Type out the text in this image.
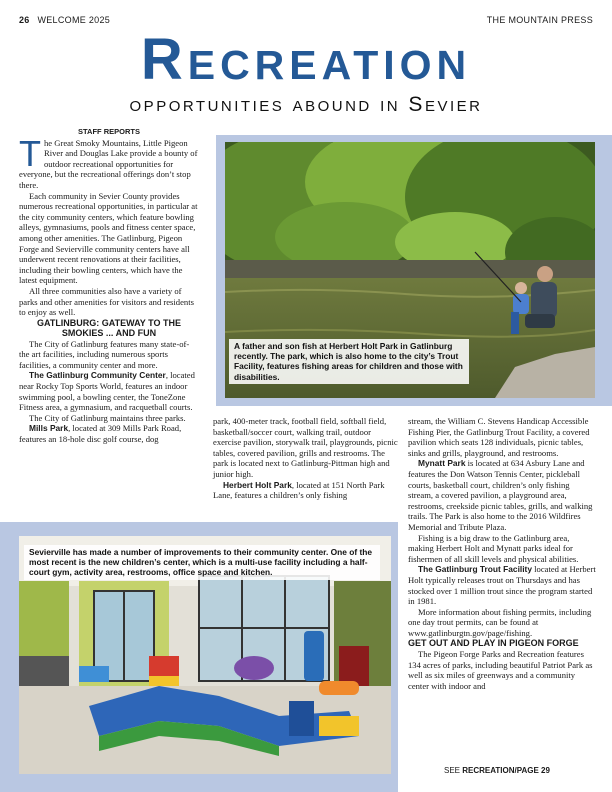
26 WELCOME 2025	THE MOUNTAIN PRESS
Recreation
opportunities abound in Sevier

STAFF REPORTS

The Great Smoky Mountains, Little Pigeon River and Douglas Lake provide a bounty of outdoor recreational opportunities for everyone, but the recreational offerings don’t stop there.

Each community in Sevier County provides numerous recreational opportunities, in particular at the city community centers, which feature bowling alleys, gymnasiums, pools and fitness center space, among other amenities. The Gatlinburg, Pigeon Forge and Sevierville community centers have all underwent recent renovations at their facilities, including their bowling centers, which have the latest equipment.

All three communities also have a variety of parks and other amenities for visitors and residents to enjoy as well.

GATLINBURG: GATEWAY TO THE SMOKIES ... AND FUN

The City of Gatlinburg features many state-of-the art facilities, including numerous sports facilities, a community center and more.

The Gatlinburg Community Center, located near Rocky Top Sports World, features an indoor swimming pool, a bowling center, the ToneZone Fitness area, a gymnasium, and racquetball courts.

The City of Gatlinburg maintains three parks.

Mills Park, located at 309 Mills Park Road, features an 18-hole disc golf course, dog

A father and son fish at Herbert Holt Park in Gatlinburg recently. The park, which is also home to the city’s Trout Facility, features fishing areas for children and those with disabilities.

park, 400-meter track, football field, softball field, basketball/soccer court, walking trail, outdoor exercise pavilion, storywalk trail, playgrounds, picnic tables, covered pavilion, grills and restrooms. The park is located next to Gatlinburg-Pittman high and junior high.

Herbert Holt Park, located at 151 North Park Lane, features a children’s only fishing

stream, the William C. Stevens Handicap Accessible Fishing Pier, the Gatlinburg Trout Facility, a covered pavilion which seats 128 individuals, picnic tables, sinks and grills, playground, and restrooms.

Mynatt Park is located at 634 Asbury Lane and features the Don Watson Tennis Center, pickleball courts, basketball court, children’s only fishing stream, a covered pavilion, a playground area, restrooms, creekside picnic tables, grills, and walking trails. The Park is also home to the 2016 Wildfires Memorial and Tribute Plaza.

Fishing is a big draw to the Gatlinburg area, making Herbert Holt and Mynatt parks ideal for fishermen of all skill levels and physical abilities.

The Gatlinburg Trout Facility located at Herbert Holt typically releases trout on Thursdays and has stocked over 1 million trout since the program started in 1981.

More information about fishing permits, including one day trout permits, can be found at www.gatlinburgtn.gov/page/fishing.

GET OUT AND PLAY IN PIGEON FORGE

The Pigeon Forge Parks and Recreation features 134 acres of parks, including beautiful Patriot Park as well as six miles of greenways and a community center with indoor and

Sevierville has made a number of improvements to their community center. One of the most recent is the new children’s center, which is a multi-use facility including a half-court gym, activity area, restrooms, office space and kitchen.
SEE RECREATION/PAGE 29
